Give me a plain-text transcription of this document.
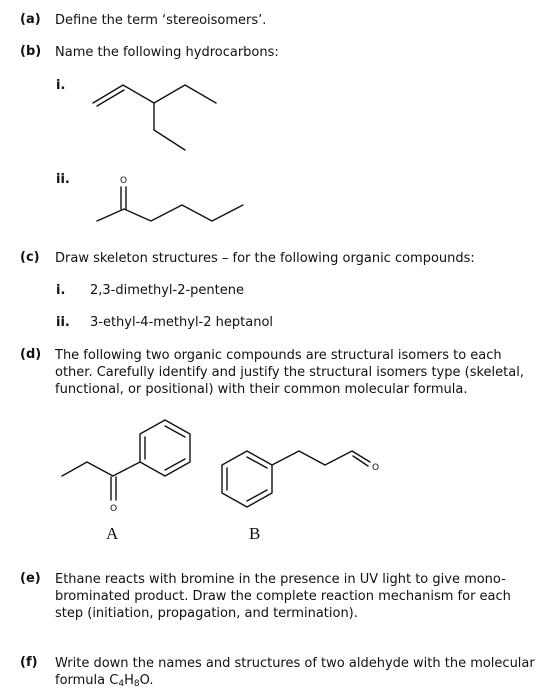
(a)	Define the term ‘stereoisomers’.
(b)	Name the following hydrocarbons:
i.
ii.	O
(c)	Draw skeleton structures – for the following organic compounds:
i. 2,3-dimethyl-2-pentene
ii. 3-ethyl-4-methyl-2 heptanol
(d)	The following two organic compounds are structural isomers to each other. Carefully identify and justify the structural isomers type (skeletal, functional, or positional) with their common molecular formula.
O
A
O
B
(e)	Ethane reacts with bromine in the presence in UV light to give mono-brominated product. Draw the complete reaction mechanism for each step (initiation, propagation, and termination).
(f)	Write down the names and structures of two aldehyde with the molecular formula $C_4H_8O$.
